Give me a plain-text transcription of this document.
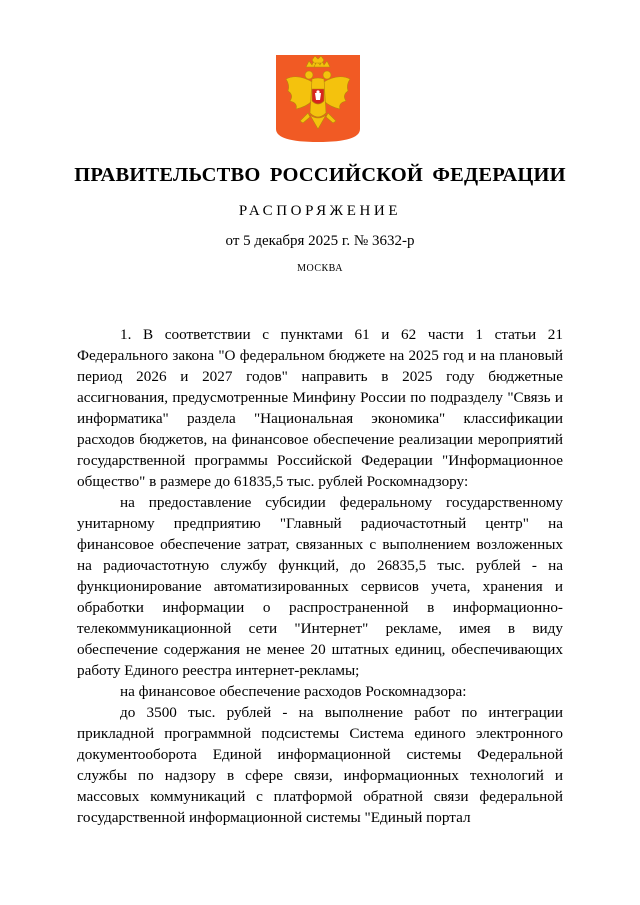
ПРАВИТЕЛЬСТВО РОССИЙСКОЙ ФЕДЕРАЦИИ
РАСПОРЯЖЕНИЕ
от 5 декабря 2025 г. № 3632-р
МОСКВА

1. В соответствии с пунктами 61 и 62 части 1 статьи 21 Федерального закона "О федеральном бюджете на 2025 год и на плановый период 2026 и 2027 годов" направить в 2025 году бюджетные ассигнования, предусмотренные Минфину России по подразделу "Связь и информатика" раздела "Национальная экономика" классификации расходов бюджетов, на финансовое обеспечение реализации мероприятий государственной программы Российской Федерации "Информационное общество" в размере до 61835,5 тыс. рублей Роскомнадзору:

на предоставление субсидии федеральному государственному унитарному предприятию "Главный радиочастотный центр" на финансовое обеспечение затрат, связанных с выполнением возложенных на радиочастотную службу функций, до 26835,5 тыс. рублей - на функционирование автоматизированных сервисов учета, хранения и обработки информации о распространенной в информационно-телекоммуникационной сети "Интернет" рекламе, имея в виду обеспечение содержания не менее 20 штатных единиц, обеспечивающих работу Единого реестра интернет-рекламы;

на финансовое обеспечение расходов Роскомнадзора:

до 3500 тыс. рублей - на выполнение работ по интеграции прикладной программной подсистемы Система единого электронного документооборота Единой информационной системы Федеральной службы по надзору в сфере связи, информационных технологий и массовых коммуникаций с платформой обратной связи федеральной государственной информационной системы "Единый портал
